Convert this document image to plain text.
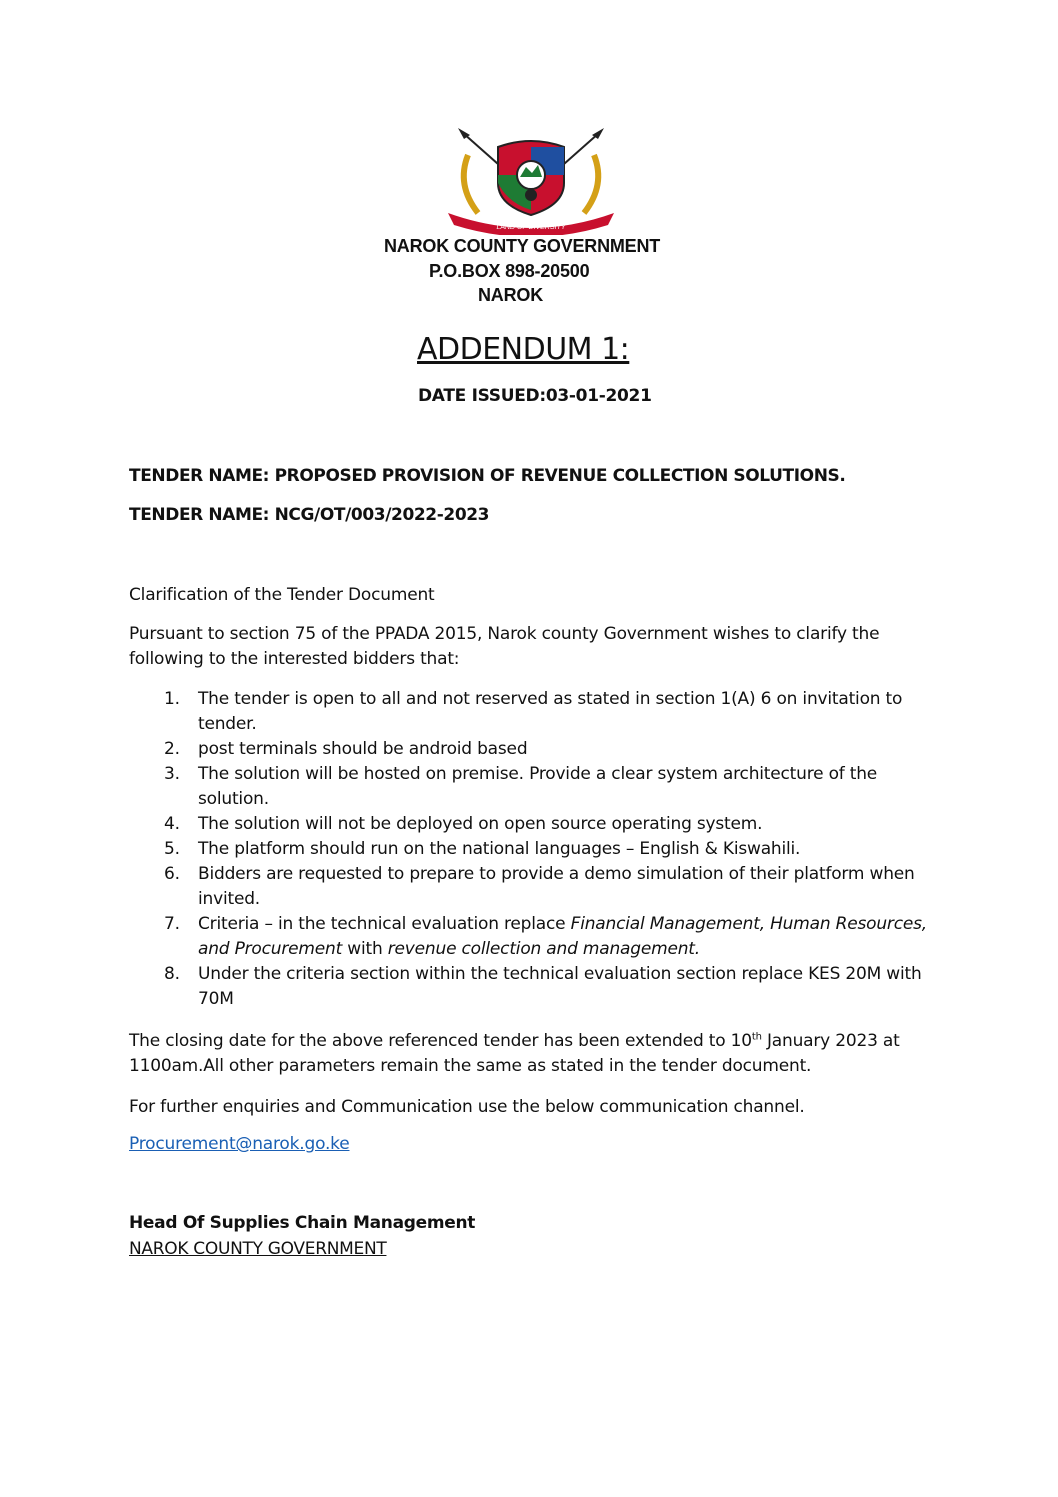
LAND OF DIVERSITY
NAROK COUNTY GOVERNMENT
P.O.BOX 898-20500
NAROK
ADDENDUM 1:
DATE ISSUED:03-01-2021
TENDER NAME: PROPOSED PROVISION OF REVENUE COLLECTION SOLUTIONS.
TENDER NAME: NCG/OT/003/2022-2023
Clarification of the Tender Document
Pursuant to section 75 of the PPADA 2015, Narok county Government wishes to clarify the following to the interested bidders that:
1. The tender is open to all and not reserved as stated in section 1(A) 6 on invitation to tender.
2. post terminals should be android based
3. The solution will be hosted on premise. Provide a clear system architecture of the solution.
4. The solution will not be deployed on open source operating system.
5. The platform should run on the national languages – English & Kiswahili.
6. Bidders are requested to prepare to provide a demo simulation of their platform when invited.
7. Criteria – in the technical evaluation replace Financial Management, Human Resources, and Procurement with revenue collection and management.
8. Under the criteria section within the technical evaluation section replace KES 20M with 70M
The closing date for the above referenced tender has been extended to 10th January 2023 at 1100am.All other parameters remain the same as stated in the tender document.
For further enquiries and Communication use the below communication channel.
Procurement@narok.go.ke
Head Of Supplies Chain Management
NAROK COUNTY GOVERNMENT
